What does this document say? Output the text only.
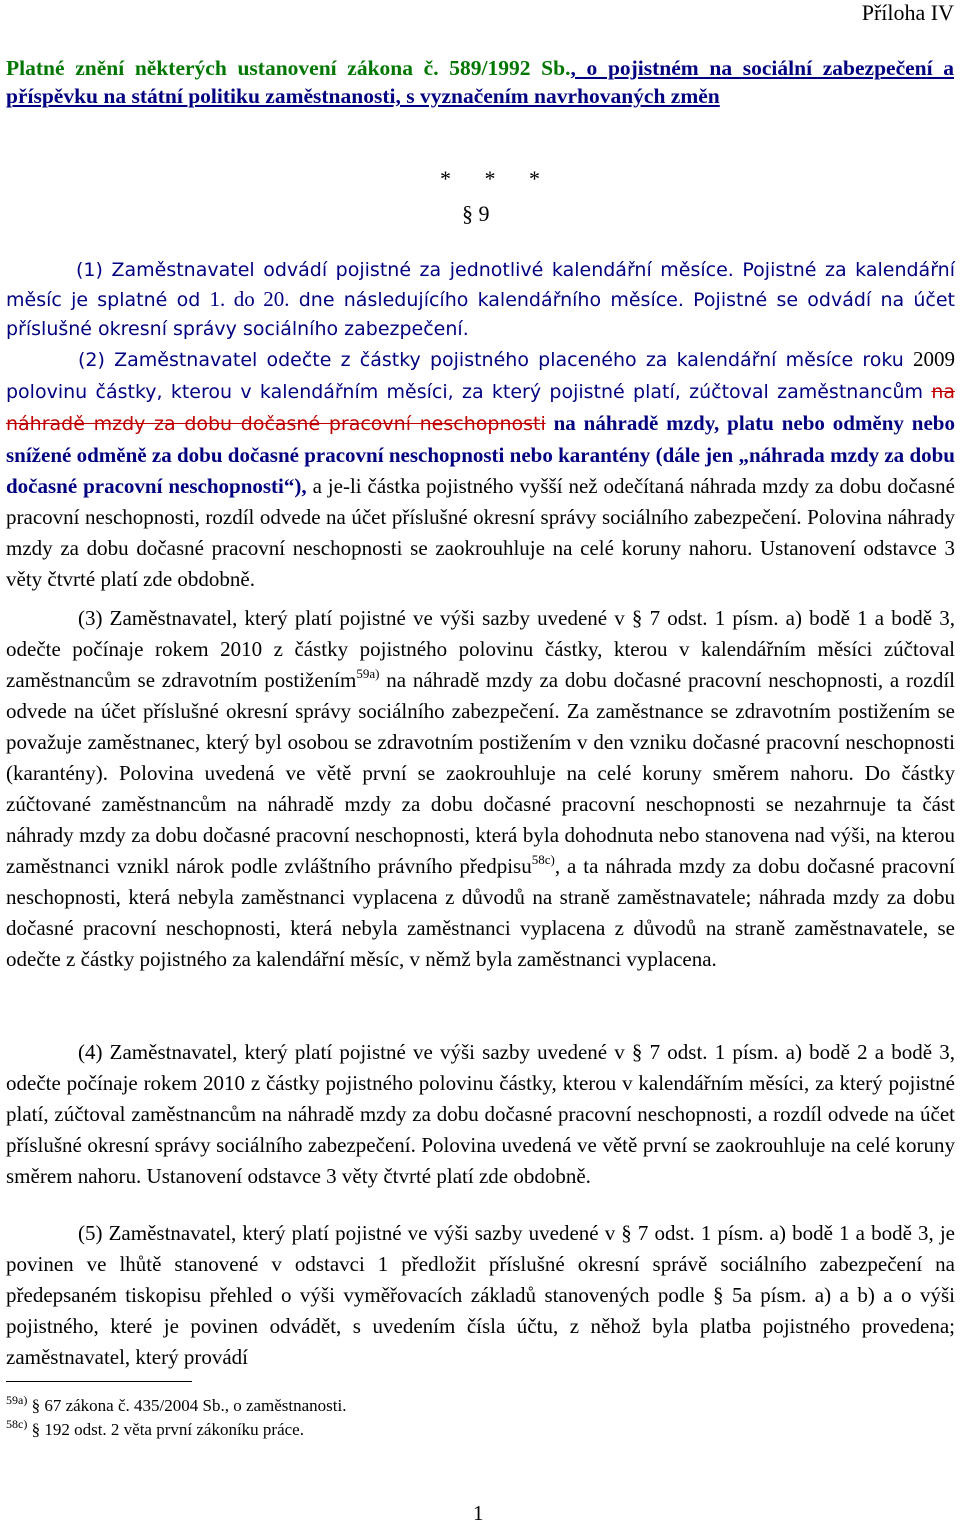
Příloha IV
Platné znění některých ustanovení zákona č. 589/1992 Sb., o pojistném na sociální zabezpečení a příspěvku na státní politiku zaměstnanosti, s vyznačením navrhovaných změn
* * *
§ 9

(1) Zaměstnavatel odvádí pojistné za jednotlivé kalendářní měsíce. Pojistné za kalendářní měsíc je splatné od 1. do 20. dne následujícího kalendářního měsíce. Pojistné se odvádí na účet příslušné okresní správy sociálního zabezpečení.

(2) Zaměstnavatel odečte z částky pojistného placeného za kalendářní měsíce roku 2009 polovinu částky, kterou v kalendářním měsíci, za který pojistné platí, zúčtoval zaměstnancům na náhradě mzdy za dobu dočasné pracovní neschopnosti na náhradě mzdy, platu nebo odměny nebo snížené odměně za dobu dočasné pracovní neschopnosti nebo karantény (dále jen „náhrada mzdy za dobu dočasné pracovní neschopnosti“), a je-li částka pojistného vyšší než odečítaná náhrada mzdy za dobu dočasné pracovní neschopnosti, rozdíl odvede na účet příslušné okresní správy sociálního zabezpečení. Polovina náhrady mzdy za dobu dočasné pracovní neschopnosti se zaokrouhluje na celé koruny nahoru. Ustanovení odstavce 3 věty čtvrté platí zde obdobně.

(3) Zaměstnavatel, který platí pojistné ve výši sazby uvedené v § 7 odst. 1 písm. a) bodě 1 a bodě 3, odečte počínaje rokem 2010 z částky pojistného polovinu částky, kterou v kalendářním měsíci zúčtoval zaměstnancům se zdravotním postižením$^{59a)}$ na náhradě mzdy za dobu dočasné pracovní neschopnosti, a rozdíl odvede na účet příslušné okresní správy sociálního zabezpečení. Za zaměstnance se zdravotním postižením se považuje zaměstnanec, který byl osobou se zdravotním postižením v den vzniku dočasné pracovní neschopnosti (karantény). Polovina uvedená ve větě první se zaokrouhluje na celé koruny směrem nahoru. Do částky zúčtované zaměstnancům na náhradě mzdy za dobu dočasné pracovní neschopnosti se nezahrnuje ta část náhrady mzdy za dobu dočasné pracovní neschopnosti, která byla dohodnuta nebo stanovena nad výši, na kterou zaměstnanci vznikl nárok podle zvláštního právního předpisu$^{58c)}$, a ta náhrada mzdy za dobu dočasné pracovní neschopnosti, která nebyla zaměstnanci vyplacena z důvodů na straně zaměstnavatele; náhrada mzdy za dobu dočasné pracovní neschopnosti, která nebyla zaměstnanci vyplacena z důvodů na straně zaměstnavatele, se odečte z částky pojistného za kalendářní měsíc, v němž byla zaměstnanci vyplacena.

(4) Zaměstnavatel, který platí pojistné ve výši sazby uvedené v § 7 odst. 1 písm. a) bodě 2 a bodě 3, odečte počínaje rokem 2010 z částky pojistného polovinu částky, kterou v kalendářním měsíci, za který pojistné platí, zúčtoval zaměstnancům na náhradě mzdy za dobu dočasné pracovní neschopnosti, a rozdíl odvede na účet příslušné okresní správy sociálního zabezpečení. Polovina uvedená ve větě první se zaokrouhluje na celé koruny směrem nahoru. Ustanovení odstavce 3 věty čtvrté platí zde obdobně.

(5) Zaměstnavatel, který platí pojistné ve výši sazby uvedené v § 7 odst. 1 písm. a) bodě 1 a bodě 3, je povinen ve lhůtě stanovené v odstavci 1 předložit příslušné okresní správě sociálního zabezpečení na předepsaném tiskopisu přehled o výši vyměřovacích základů stanovených podle § 5a písm. a) a b) a o výši pojistného, které je povinen odvádět, s uvedením čísla účtu, z něhož byla platba pojistného provedena; zaměstnavatel, který provádí

$^{59a)}$ § 67 zákona č. 435/2004 Sb., o zaměstnanosti.
$^{58c)}$ § 192 odst. 2 věta první zákoníku práce.
1
